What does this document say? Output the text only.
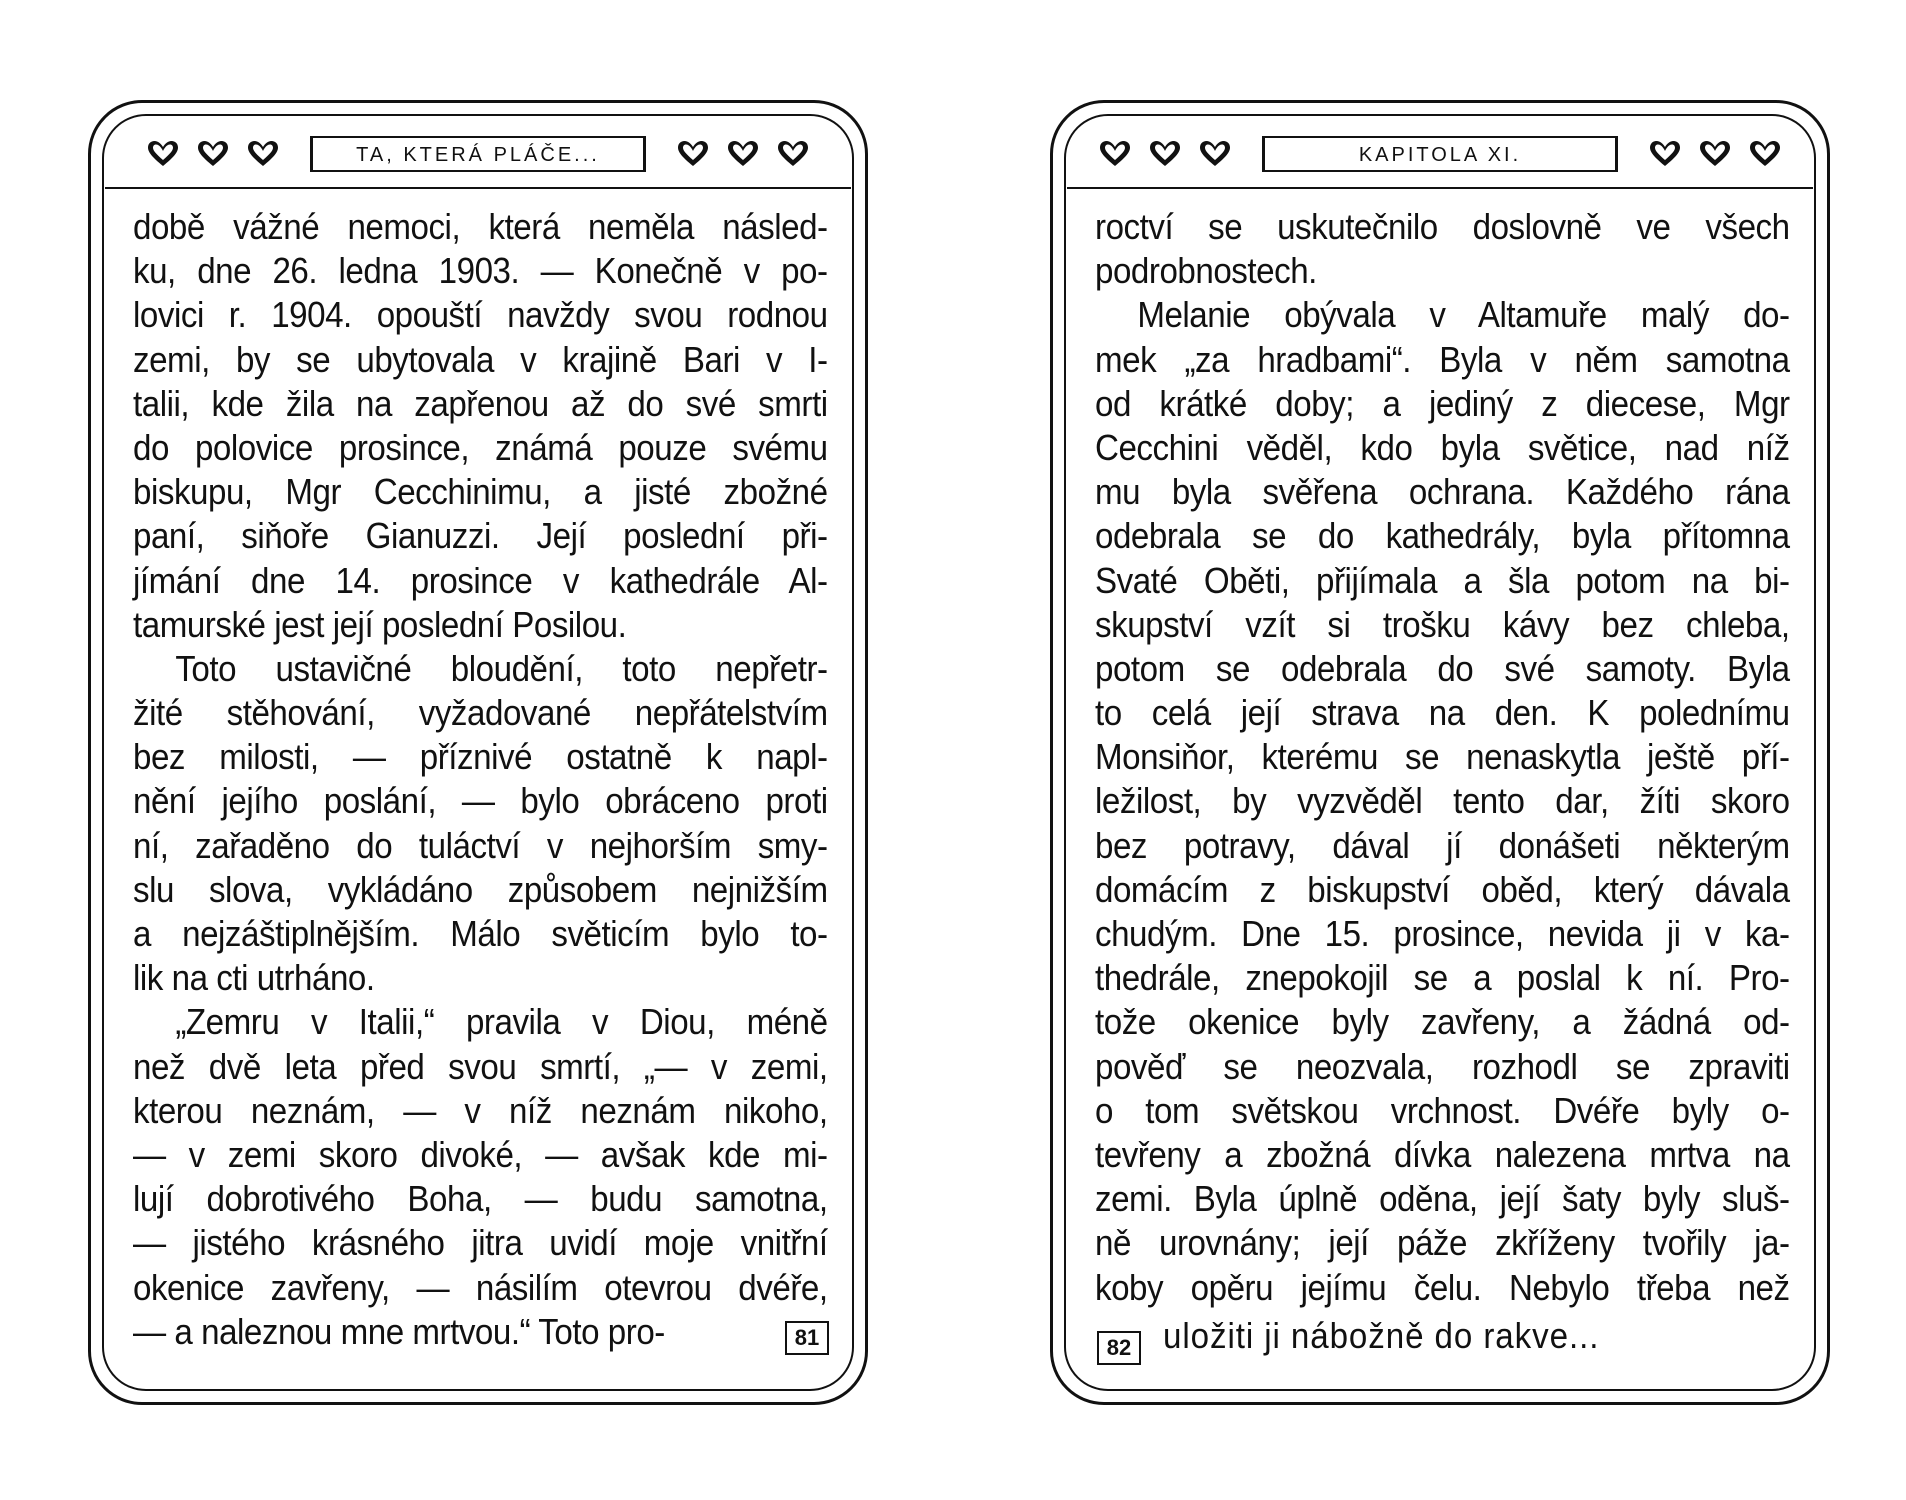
TA, KTERÁ PLÁČE...
době vážné nemoci, která neměla násled-
ku, dne 26. ledna 1903. — Konečně v po-
lovici r. 1904. opouští navždy svou rodnou
zemi, by se ubytovala v krajině Bari v I-
talii, kde žila na zapřenou až do své smrti
do polovice prosince, známá pouze svému
biskupu, Mgr Cecchinimu, a jisté zbožné
paní, siňoře Gianuzzi. Její poslední při-
jímání dne 14. prosince v kathedrále Al-
tamurské jest její poslední Posilou.
Toto ustavičné bloudění, toto nepřetr-
žité stěhování, vyžadované nepřátelstvím
bez milosti, — příznivé ostatně k napl-
nění jejího poslání, — bylo obráceno proti
ní, zařaděno do tuláctví v nejhorším smy-
slu slova, vykládáno způsobem nejnižším
a nejzáštiplnějším. Málo světicím bylo to-
lik na cti utrháno.
„Zemru v Italii,“ pravila v Diou, méně
než dvě leta před svou smrtí, „— v zemi,
kterou neznám, — v níž neznám nikoho,
— v zemi skoro divoké, — avšak kde mi-
lují dobrotivého Boha, — budu samotna,
— jistého krásného jitra uvidí moje vnitřní
okenice zavřeny, — násilím otevrou dvéře,
— a naleznou mne mrtvou.“ Toto pro-	81
KAPITOLA XI.
roctví se uskutečnilo doslovně ve všech
podrobnostech.
Melanie obývala v Altamuře malý do-
mek „za hradbami“. Byla v něm samotna
od krátké doby; a jediný z diecese, Mgr
Cecchini věděl, kdo byla světice, nad níž
mu byla svěřena ochrana. Každého rána
odebrala se do kathedrály, byla přítomna
Svaté Oběti, přijímala a šla potom na bi-
skupství vzít si trošku kávy bez chleba,
potom se odebrala do své samoty. Byla
to celá její strava na den. K polednímu
Monsiňor, kterému se nenaskytla ještě pří-
ležilost, by vyzvěděl tento dar, žíti skoro
bez potravy, dával jí donášeti některým
domácím z biskupství oběd, který dávala
chudým. Dne 15. prosince, nevida ji v ka-
thedrále, znepokojil se a poslal k ní. Pro-
tože okenice byly zavřeny, a žádná od-
pověď se neozvala, rozhodl se zpraviti
o tom světskou vrchnost. Dvéře byly o-
tevřeny a zbožná dívka nalezena mrtva na
zemi. Byla úplně oděna, její šaty byly sluš-
ně urovnány; její páže zkříženy tvořily ja-
koby opěru jejímu čelu. Nebylo třeba než
82 uložiti ji nábožně do rakve...
